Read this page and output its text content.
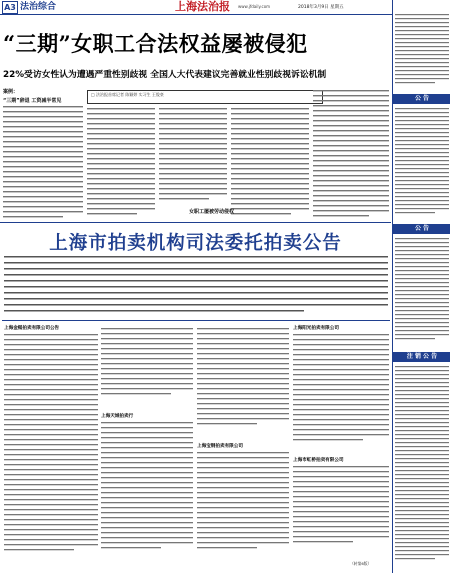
A3 法治综合	上海法治报 www.jfdaily.com	2018年3月9日 星期五
“三期”女职工合法权益屡被侵犯
22%受访女性认为遭遇严重性别歧视 全国人大代表建议完善就业性别歧视诉讼机制
案例：
“三期”辞退 工资减半常见
□ 法治报首席记者 陈颖婷 实习生 王俊豪
女职工屡被劳动侵权
上海市拍卖机构司法委托拍卖公告
上海金槌拍卖有限公司公告
上海天城拍卖行
上海宝钢拍卖有限公司
上海阳光拍卖有限公司
上海市虹桥拍卖有限公司
（转第6版）
公 告
公 告
注 销 公 告
